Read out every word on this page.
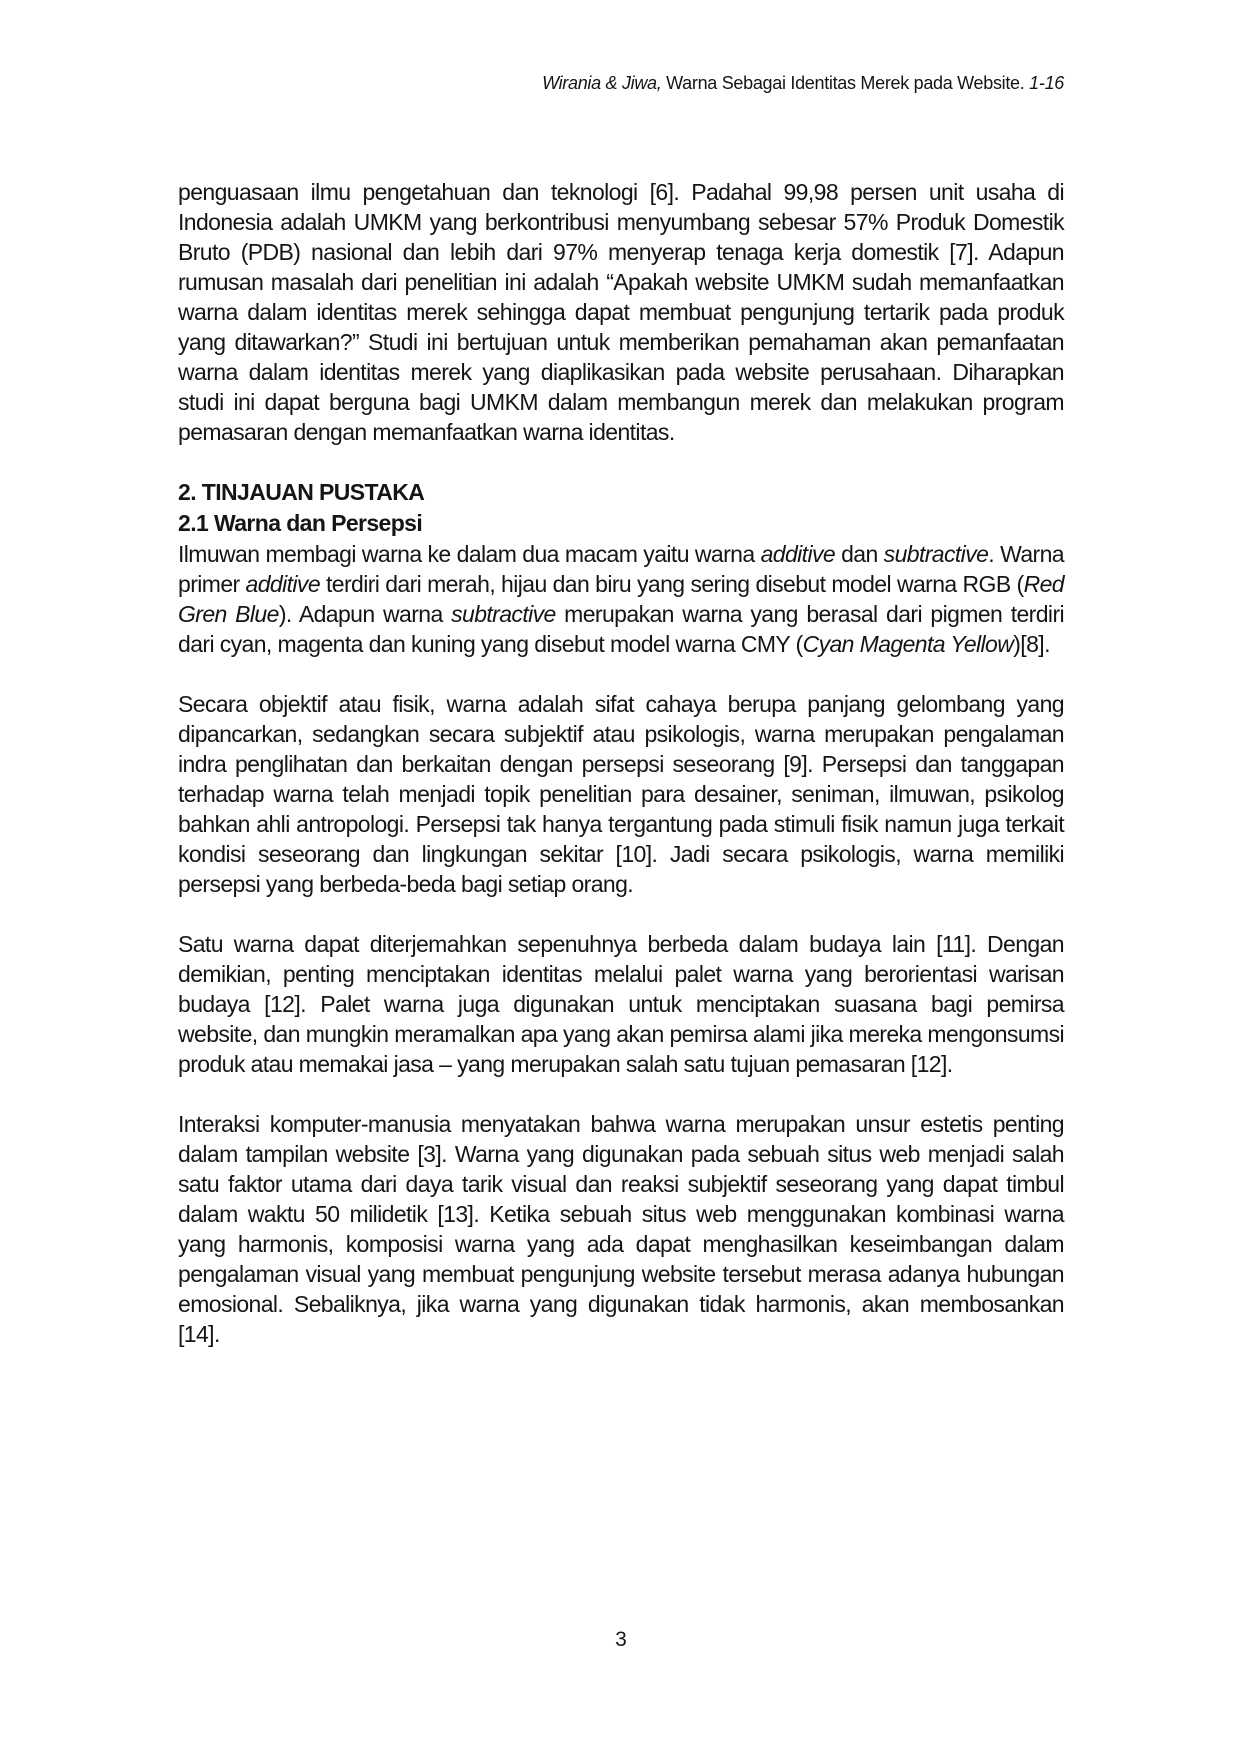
Wirania & Jiwa, Warna Sebagai Identitas Merek pada Website. 1-16

penguasaan ilmu pengetahuan dan teknologi [6]. Padahal 99,98 persen unit usaha di Indonesia adalah UMKM yang berkontribusi menyumbang sebesar 57% Produk Domestik Bruto (PDB) nasional dan lebih dari 97% menyerap tenaga kerja domestik [7]. Adapun rumusan masalah dari penelitian ini adalah “Apakah website UMKM sudah memanfaatkan warna dalam identitas merek sehingga dapat membuat pengunjung tertarik pada produk yang ditawarkan?” Studi ini bertujuan untuk memberikan pemahaman akan pemanfaatan warna dalam identitas merek yang diaplikasikan pada website perusahaan. Diharapkan studi ini dapat berguna bagi UMKM dalam membangun merek dan melakukan program pemasaran dengan memanfaatkan warna identitas.

2. TINJAUAN PUSTAKA
2.1 Warna dan Persepsi

Ilmuwan membagi warna ke dalam dua macam yaitu warna additive dan subtractive. Warna primer additive terdiri dari merah, hijau dan biru yang sering disebut model warna RGB (Red Gren Blue). Adapun warna subtractive merupakan warna yang berasal dari pigmen terdiri dari cyan, magenta dan kuning yang disebut model warna CMY (Cyan Magenta Yellow)[8].

Secara objektif atau fisik, warna adalah sifat cahaya berupa panjang gelombang yang dipancarkan, sedangkan secara subjektif atau psikologis, warna merupakan pengalaman indra penglihatan dan berkaitan dengan persepsi seseorang [9]. Persepsi dan tanggapan terhadap warna telah menjadi topik penelitian para desainer, seniman, ilmuwan, psikolog bahkan ahli antropologi. Persepsi tak hanya tergantung pada stimuli fisik namun juga terkait kondisi seseorang dan lingkungan sekitar [10]. Jadi secara psikologis, warna memiliki persepsi yang berbeda-beda bagi setiap orang.

Satu warna dapat diterjemahkan sepenuhnya berbeda dalam budaya lain [11]. Dengan demikian, penting menciptakan identitas melalui palet warna yang berorientasi warisan budaya [12]. Palet warna juga digunakan untuk menciptakan suasana bagi pemirsa website, dan mungkin meramalkan apa yang akan pemirsa alami jika mereka mengonsumsi produk atau memakai jasa – yang merupakan salah satu tujuan pemasaran [12].

Interaksi komputer-manusia menyatakan bahwa warna merupakan unsur estetis penting dalam tampilan website [3]. Warna yang digunakan pada sebuah situs web menjadi salah satu faktor utama dari daya tarik visual dan reaksi subjektif seseorang yang dapat timbul dalam waktu 50 milidetik [13]. Ketika sebuah situs web menggunakan kombinasi warna yang harmonis, komposisi warna yang ada dapat menghasilkan keseimbangan dalam pengalaman visual yang membuat pengunjung website tersebut merasa adanya hubungan emosional. Sebaliknya, jika warna yang digunakan tidak harmonis, akan membosankan [14].

3
